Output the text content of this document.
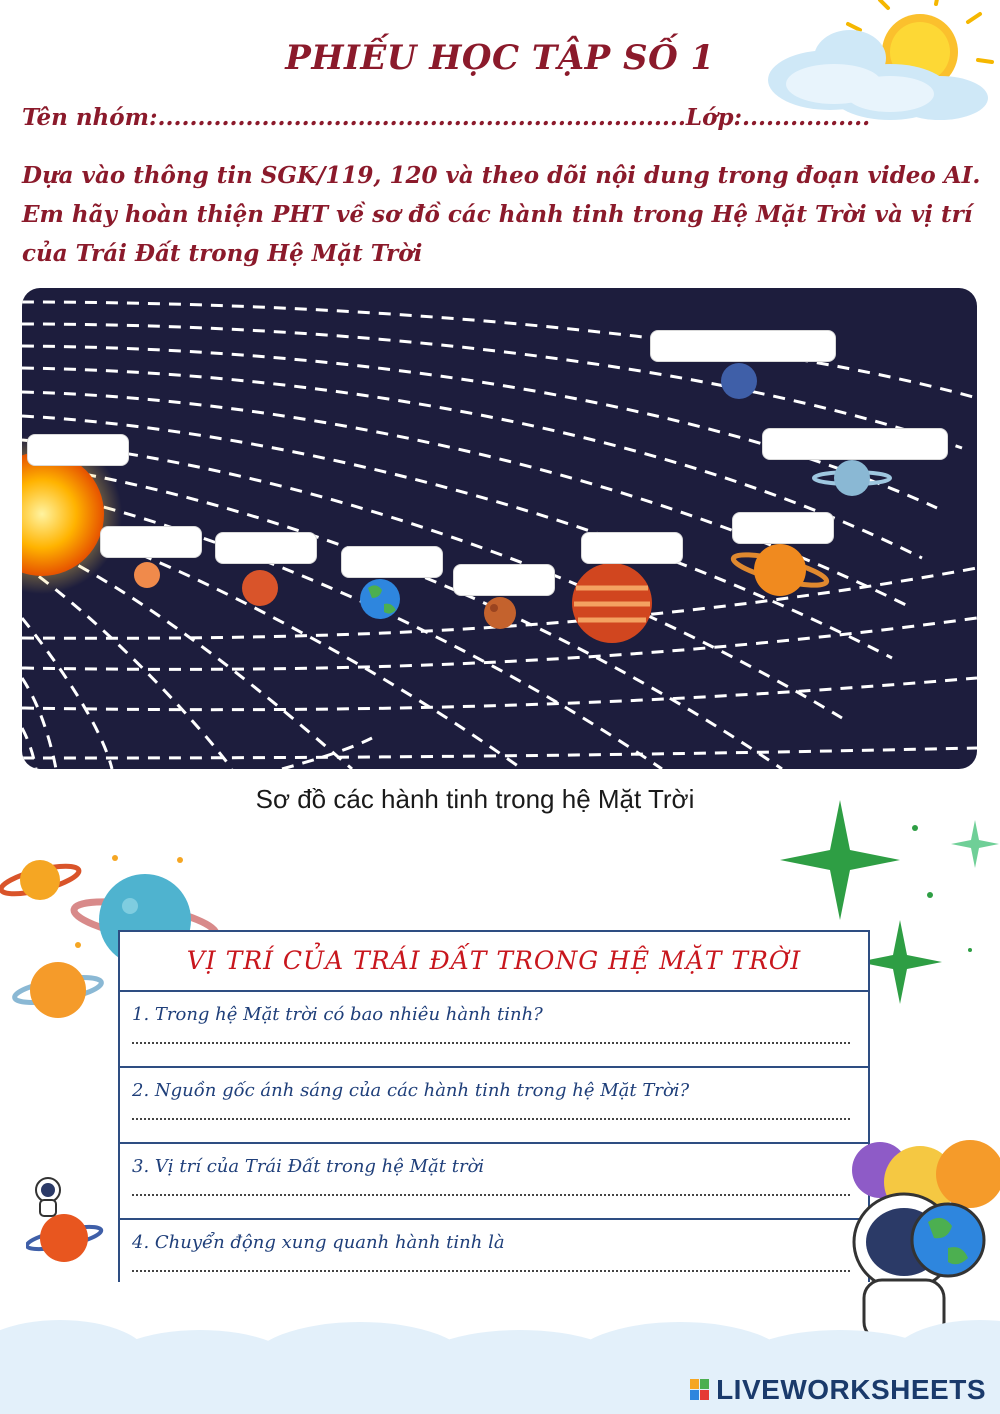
PHIẾU HỌC TẬP SỐ 1
Tên nhóm:..................................................................Lớp:................
Dựa vào thông tin SGK/119, 120 và theo dõi nội dung trong đoạn video AI.
Em hãy hoàn thiện PHT về sơ đồ các hành tinh trong Hệ Mặt Trời và vị trí
của Trái Đất trong Hệ Mặt Trời
Sơ đồ các hành tinh trong hệ Mặt Trời
VỊ TRÍ CỦA TRÁI ĐẤT TRONG HỆ MẶT TRỜI
1. Trong hệ Mặt trời có bao nhiêu hành tinh?
2. Nguồn gốc ánh sáng của các hành tinh trong hệ Mặt Trời?
3. Vị trí của Trái Đất trong hệ Mặt trời
4. Chuyển động xung quanh hành tinh là
LIVEWORKSHEETS
